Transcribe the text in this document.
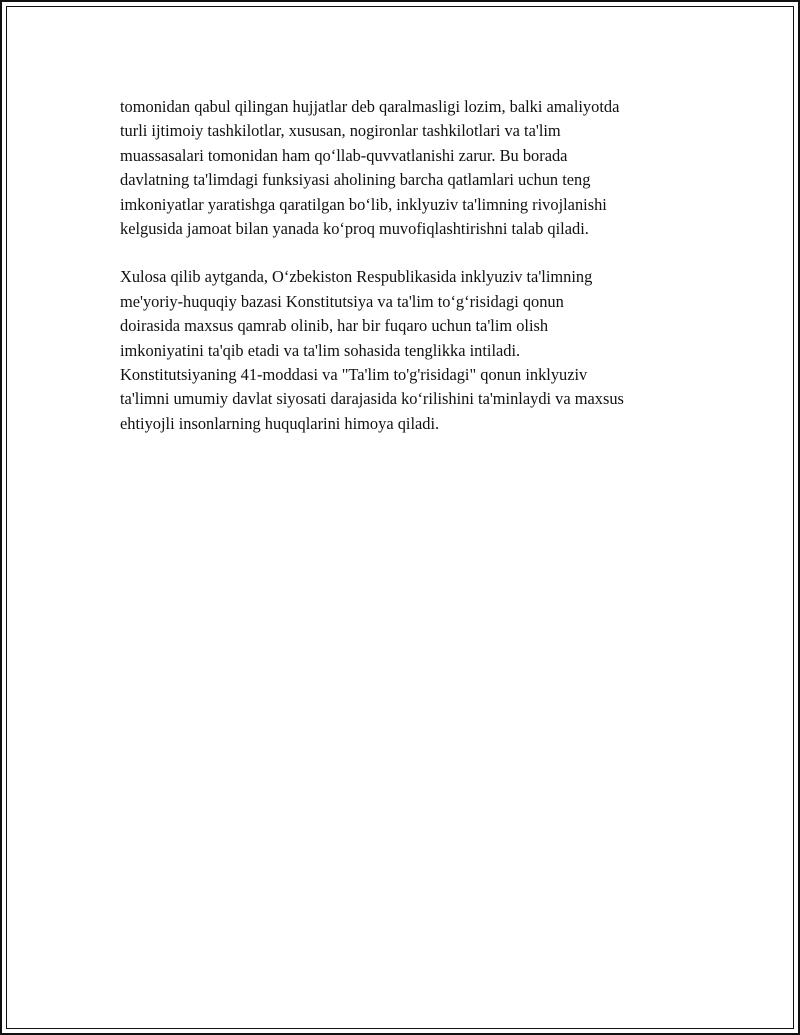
tomonidan qabul qilingan hujjatlar deb qaralmasligi lozim, balki amaliyotda
turli ijtimoiy tashkilotlar, xususan, nogironlar tashkilotlari va ta'lim
muassasalari tomonidan ham qo‘llab-quvvatlanishi zarur. Bu borada
davlatning ta'limdagi funksiyasi aholining barcha qatlamlari uchun teng
imkoniyatlar yaratishga qaratilgan bo‘lib, inklyuziv ta'limning rivojlanishi
kelgusida jamoat bilan yanada ko‘proq muvofiqlashtirishni talab qiladi.

Xulosa qilib aytganda, O‘zbekiston Respublikasida inklyuziv ta'limning
me'yoriy-huquqiy bazasi Konstitutsiya va ta'lim to‘g‘risidagi qonun
doirasida maxsus qamrab olinib, har bir fuqaro uchun ta'lim olish
imkoniyatini ta'qib etadi va ta'lim sohasida tenglikka intiladi.
Konstitutsiyaning 41-moddasi va "Ta'lim to'g'risidagi" qonun inklyuziv
ta'limni umumiy davlat siyosati darajasida ko‘rilishini ta'minlaydi va maxsus
ehtiyojli insonlarning huquqlarini himoya qiladi.
